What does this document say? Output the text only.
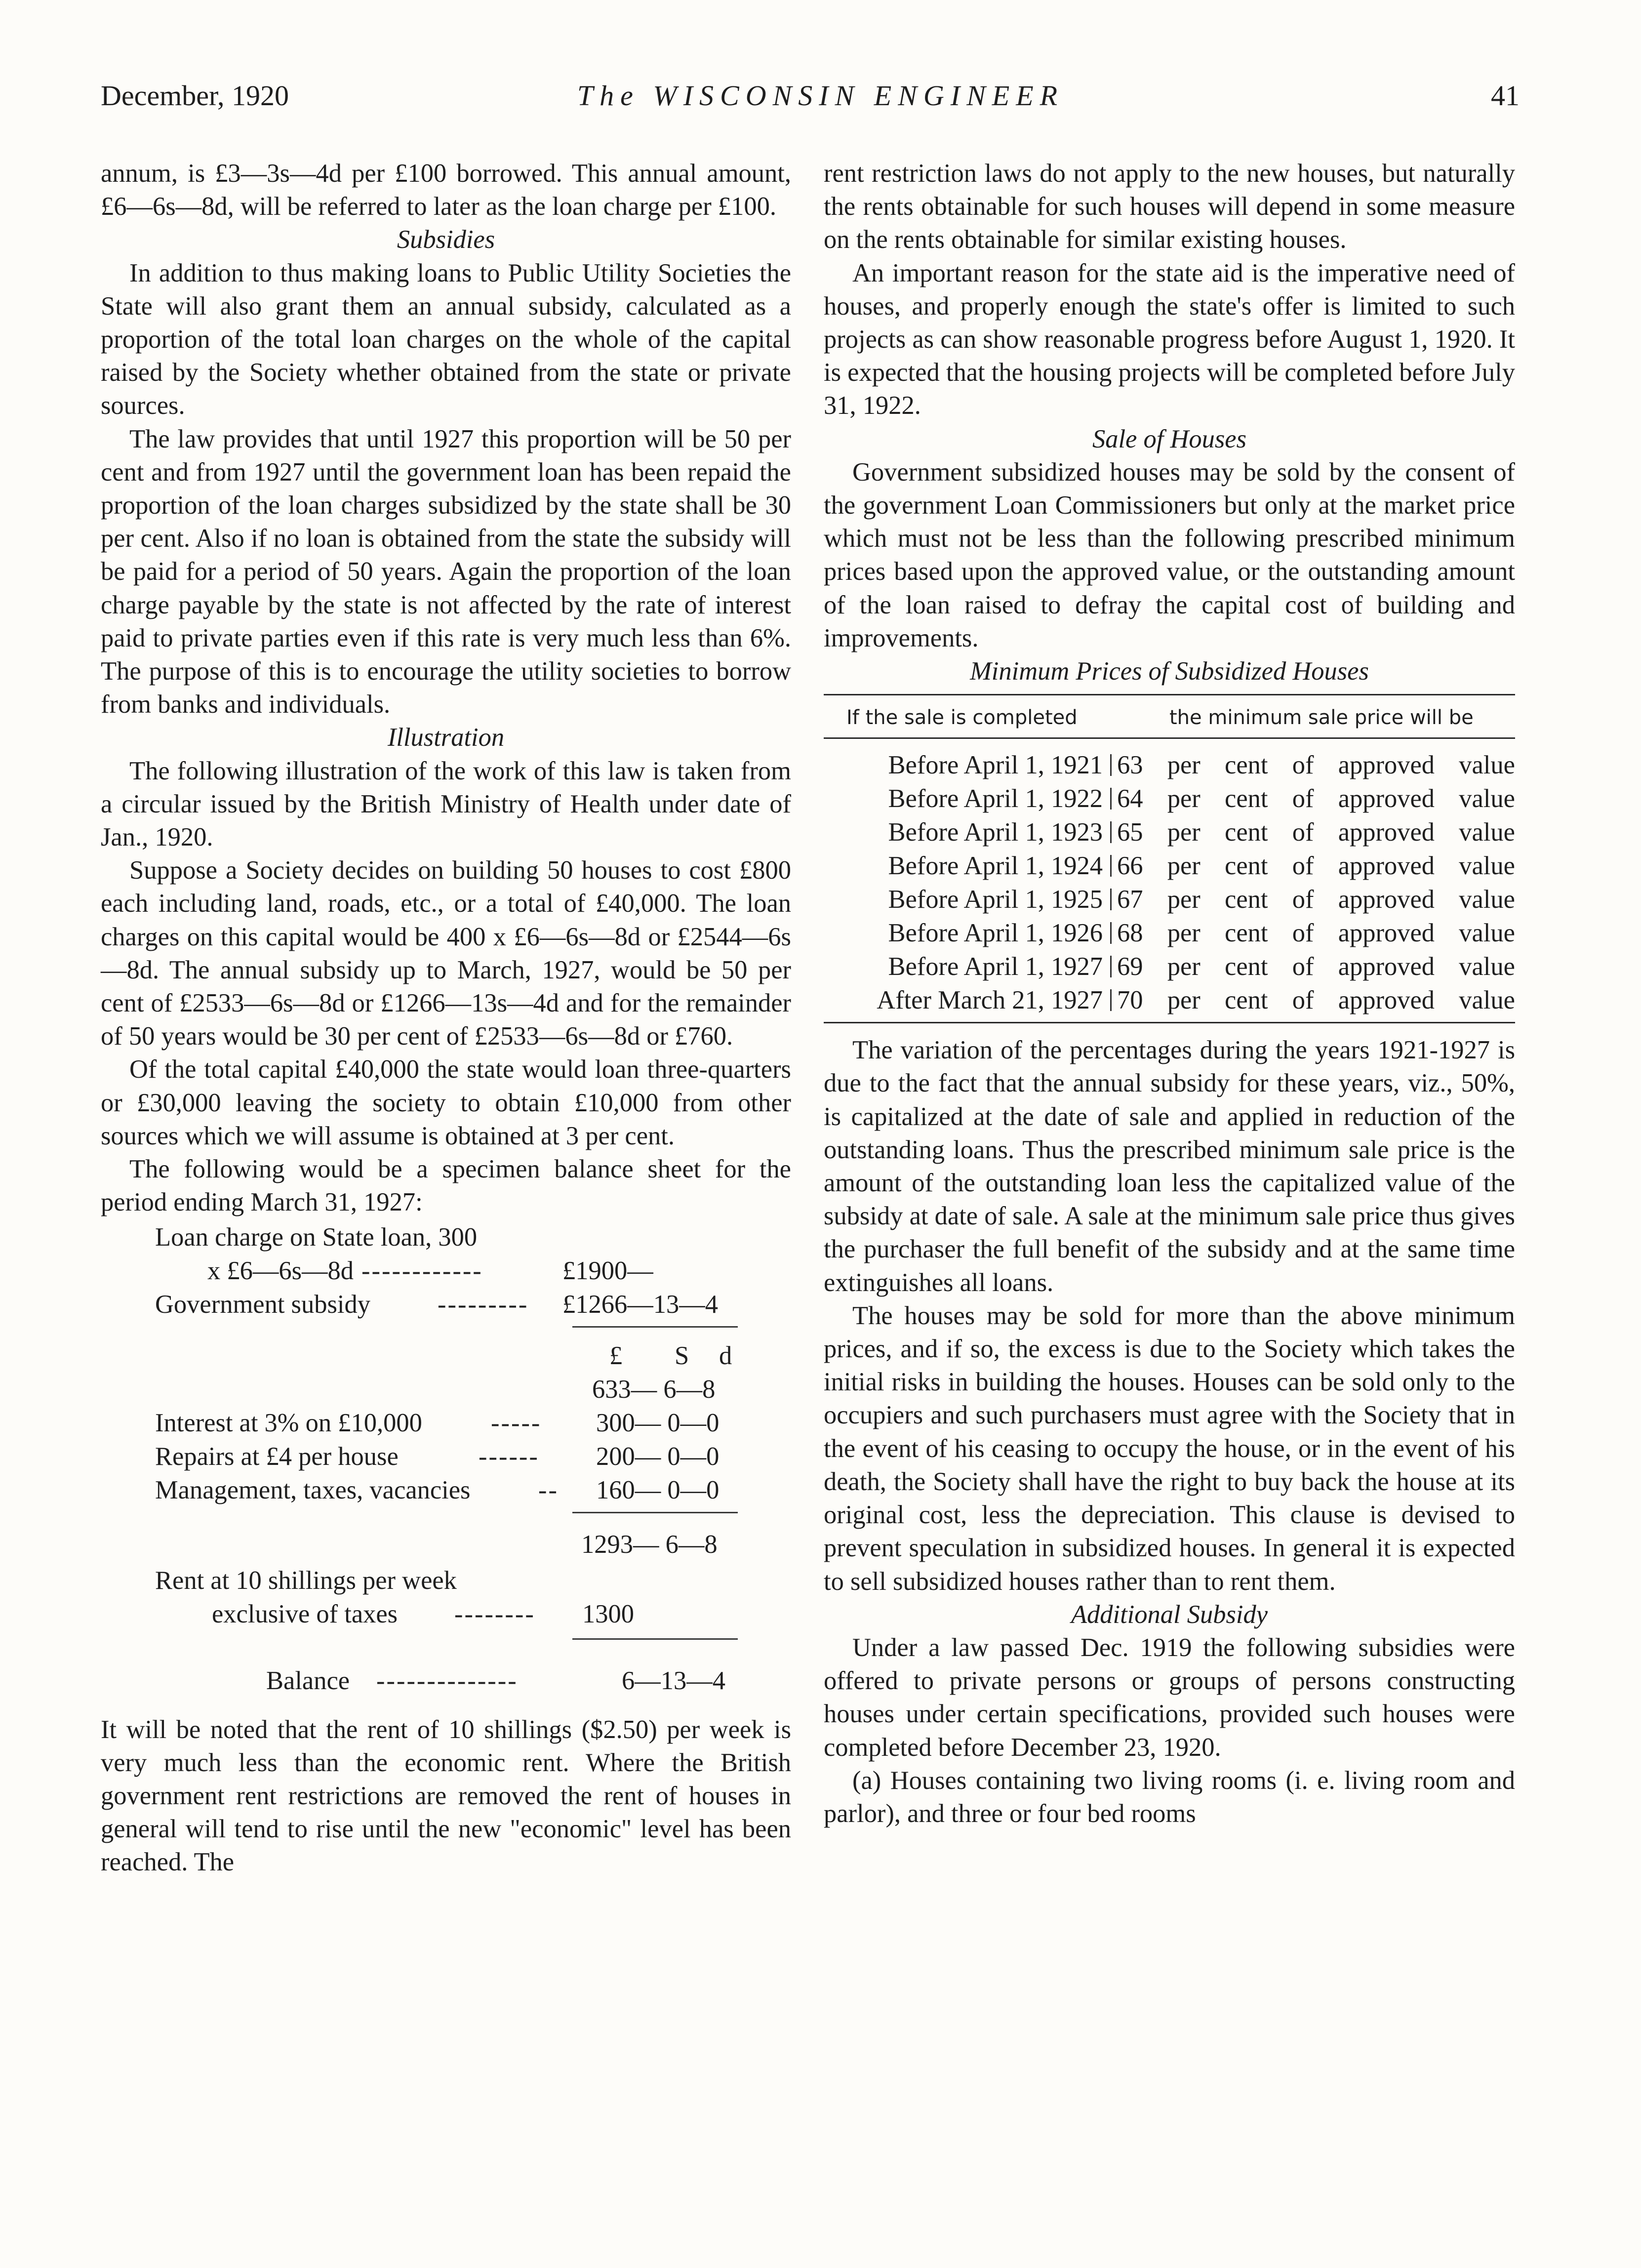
December, 1920	The WISCONSIN ENGINEER	41

annum, is £3—3s—4d per £100 borrowed. This annual amount, £6—6s—8d, will be referred to later as the loan charge per £100.

Subsidies

In addition to thus making loans to Public Utility Societies the State will also grant them an annual subsidy, calculated as a proportion of the total loan charges on the whole of the capital raised by the Society whether obtained from the state or private sources.

The law provides that until 1927 this proportion will be 50 per cent and from 1927 until the government loan has been repaid the proportion of the loan charges subsidized by the state shall be 30 per cent. Also if no loan is obtained from the state the subsidy will be paid for a period of 50 years. Again the proportion of the loan charge payable by the state is not affected by the rate of interest paid to private parties even if this rate is very much less than 6%. The purpose of this is to encourage the utility societies to borrow from banks and individuals.

Illustration

The following illustration of the work of this law is taken from a circular issued by the British Ministry of Health under date of Jan., 1920.

Suppose a Society decides on building 50 houses to cost £800 each including land, roads, etc., or a total of £40,000. The loan charges on this capital would be 400 x £6—6s—8d or £2544—6s—8d. The annual subsidy up to March, 1927, would be 50 per cent of £2533—6s—8d or £1266—13s—4d and for the remainder of 50 years would be 30 per cent of £2533—6s—8d or £760.

Of the total capital £40,000 the state would loan three-quarters or £30,000 leaving the society to obtain £10,000 from other sources which we will assume is obtained at 3 per cent.

The following would be a specimen balance sheet for the period ending March 31, 1927:

Loan charge on State loan, 300
x £6—6s—8d ------------	£1900—
Government subsidy	--------- £1266—13—4
£ S d
633— 6—8
Interest at 3% on £10,000	----- 300— 0—0
Repairs at £4 per house	------ 200— 0—0
Management, taxes, vacancies	-- 160— 0—0
1293— 6—8
Rent at 10 shillings per week
exclusive of taxes -------- 1300
Balance --------------	6—13—4

It will be noted that the rent of 10 shillings ($2.50) per week is very much less than the economic rent. Where the British government rent restrictions are removed the rent of houses in general will tend to rise until the new "economic" level has been reached. The

rent restriction laws do not apply to the new houses, but naturally the rents obtainable for such houses will depend in some measure on the rents obtainable for similar existing houses.

An important reason for the state aid is the imperative need of houses, and properly enough the state's offer is limited to such projects as can show reasonable progress before August 1, 1920. It is expected that the housing projects will be completed before July 31, 1922.

Sale of Houses

Government subsidized houses may be sold by the consent of the government Loan Commissioners but only at the market price which must not be less than the following prescribed minimum prices based upon the approved value, or the outstanding amount of the loan raised to defray the capital cost of building and improvements.

Minimum Prices of Subsidized Houses
If the sale is completed	the minimum sale price will be
Before April 1, 1921 63 per cent of approved value
Before April 1, 1922 64 per cent of approved value
Before April 1, 1923 65 per cent of approved value
Before April 1, 1924 66 per cent of approved value
Before April 1, 1925 67 per cent of approved value
Before April 1, 1926 68 per cent of approved value
Before April 1, 1927 69 per cent of approved value
After March 21, 1927 70 per cent of approved value

The variation of the percentages during the years 1921-1927 is due to the fact that the annual subsidy for these years, viz., 50%, is capitalized at the date of sale and applied in reduction of the outstanding loans. Thus the prescribed minimum sale price is the amount of the outstanding loan less the capitalized value of the subsidy at date of sale. A sale at the minimum sale price thus gives the purchaser the full benefit of the subsidy and at the same time extinguishes all loans.

The houses may be sold for more than the above minimum prices, and if so, the excess is due to the Society which takes the initial risks in building the houses. Houses can be sold only to the occupiers and such purchasers must agree with the Society that in the event of his ceasing to occupy the house, or in the event of his death, the Society shall have the right to buy back the house at its original cost, less the depreciation. This clause is devised to prevent speculation in subsidized houses. In general it is expected to sell subsidized houses rather than to rent them.

Additional Subsidy

Under a law passed Dec. 1919 the following subsidies were offered to private persons or groups of persons constructing houses under certain specifications, provided such houses were completed before December 23, 1920.

(a) Houses containing two living rooms (i. e. living room and parlor), and three or four bed rooms
